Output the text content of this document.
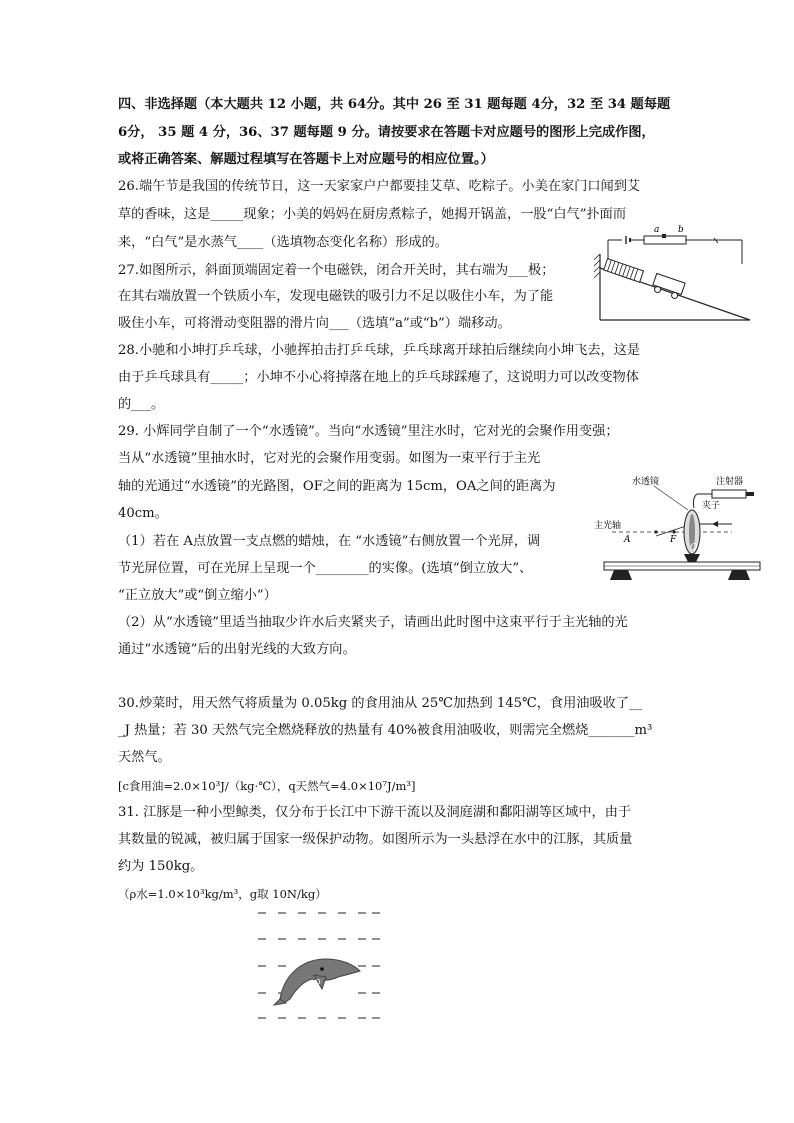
四、非选择题（本大题共 12 小题，共 64分。其中 26 至 31 题每题 4分，32 至 34 题每题
6分， 35 题 4 分，36、37 题每题 9 分。请按要求在答题卡对应题号的图形上完成作图，
或将正确答案、解题过程填写在答题卡上对应题号的相应位置。）
26.端午节是我国的传统节日，这一天家家户户都要挂艾草、吃粽子。小美在家门口闻到艾
草的香味，这是_____现象；小美的妈妈在厨房煮粽子，她揭开锅盖，一股“白气”扑面而
来，“白气”是水蒸气____（选填物态变化名称）形成的。
27.如图所示，斜面顶端固定着一个电磁铁，闭合开关时，其右端为___极；
在其右端放置一个铁质小车，发现电磁铁的吸引力不足以吸住小车，为了能
吸住小车，可将滑动变阻器的滑片向___（选填“a”或“b”）端移动。
a b
28.小驰和小坤打乒乓球，小驰挥拍击打乒乓球，乒乓球离开球拍后继续向小坤飞去，这是
由于乒乓球具有_____；小坤不小心将掉落在地上的乒乓球踩瘪了，这说明力可以改变物体
的___。
29. 小辉同学自制了一个“水透镜”。当向“水透镜”里注水时，它对光的会聚作用变强；
当从“水透镜”里抽水时，它对光的会聚作用变弱。如图为一束平行于主光
轴的光通过“水透镜”的光路图，OF之间的距离为 15cm，OA之间的距离为
40cm。
（1）若在 A点放置一支点燃的蜡烛，在 “水透镜”右侧放置一个光屏，调
节光屏位置，可在光屏上呈现一个________的实像。(选填“倒立放大”、
“正立放大”或“倒立缩小”）
（2）从“水透镜”里适当抽取少许水后夹紧夹子，请画出此时图中这束平行于主光轴的光
通过“水透镜”后的出射光线的大致方向。
水透镜	注射器
夹子
主光轴
A	F
O
30.炒菜时，用天然气将质量为 0.05kg 的食用油从 25℃加热到 145℃，食用油吸收了__
_J 热量；若 30 天然气完全燃烧释放的热量有 40%被食用油吸收，则需完全燃烧_______m³
天然气。
[c食用油=2.0×10³J/（kg·℃），q天然气=4.0×10⁷J/m³]
31. 江豚是一种小型鲸类，仅分布于长江中下游干流以及洞庭湖和鄱阳湖等区域中，由于
其数量的锐减，被归属于国家一级保护动物。如图所示为一头悬浮在水中的江豚，其质量
约为 150kg。
（ρ水=1.0×10³kg/m³，g取 10N/kg）
O
